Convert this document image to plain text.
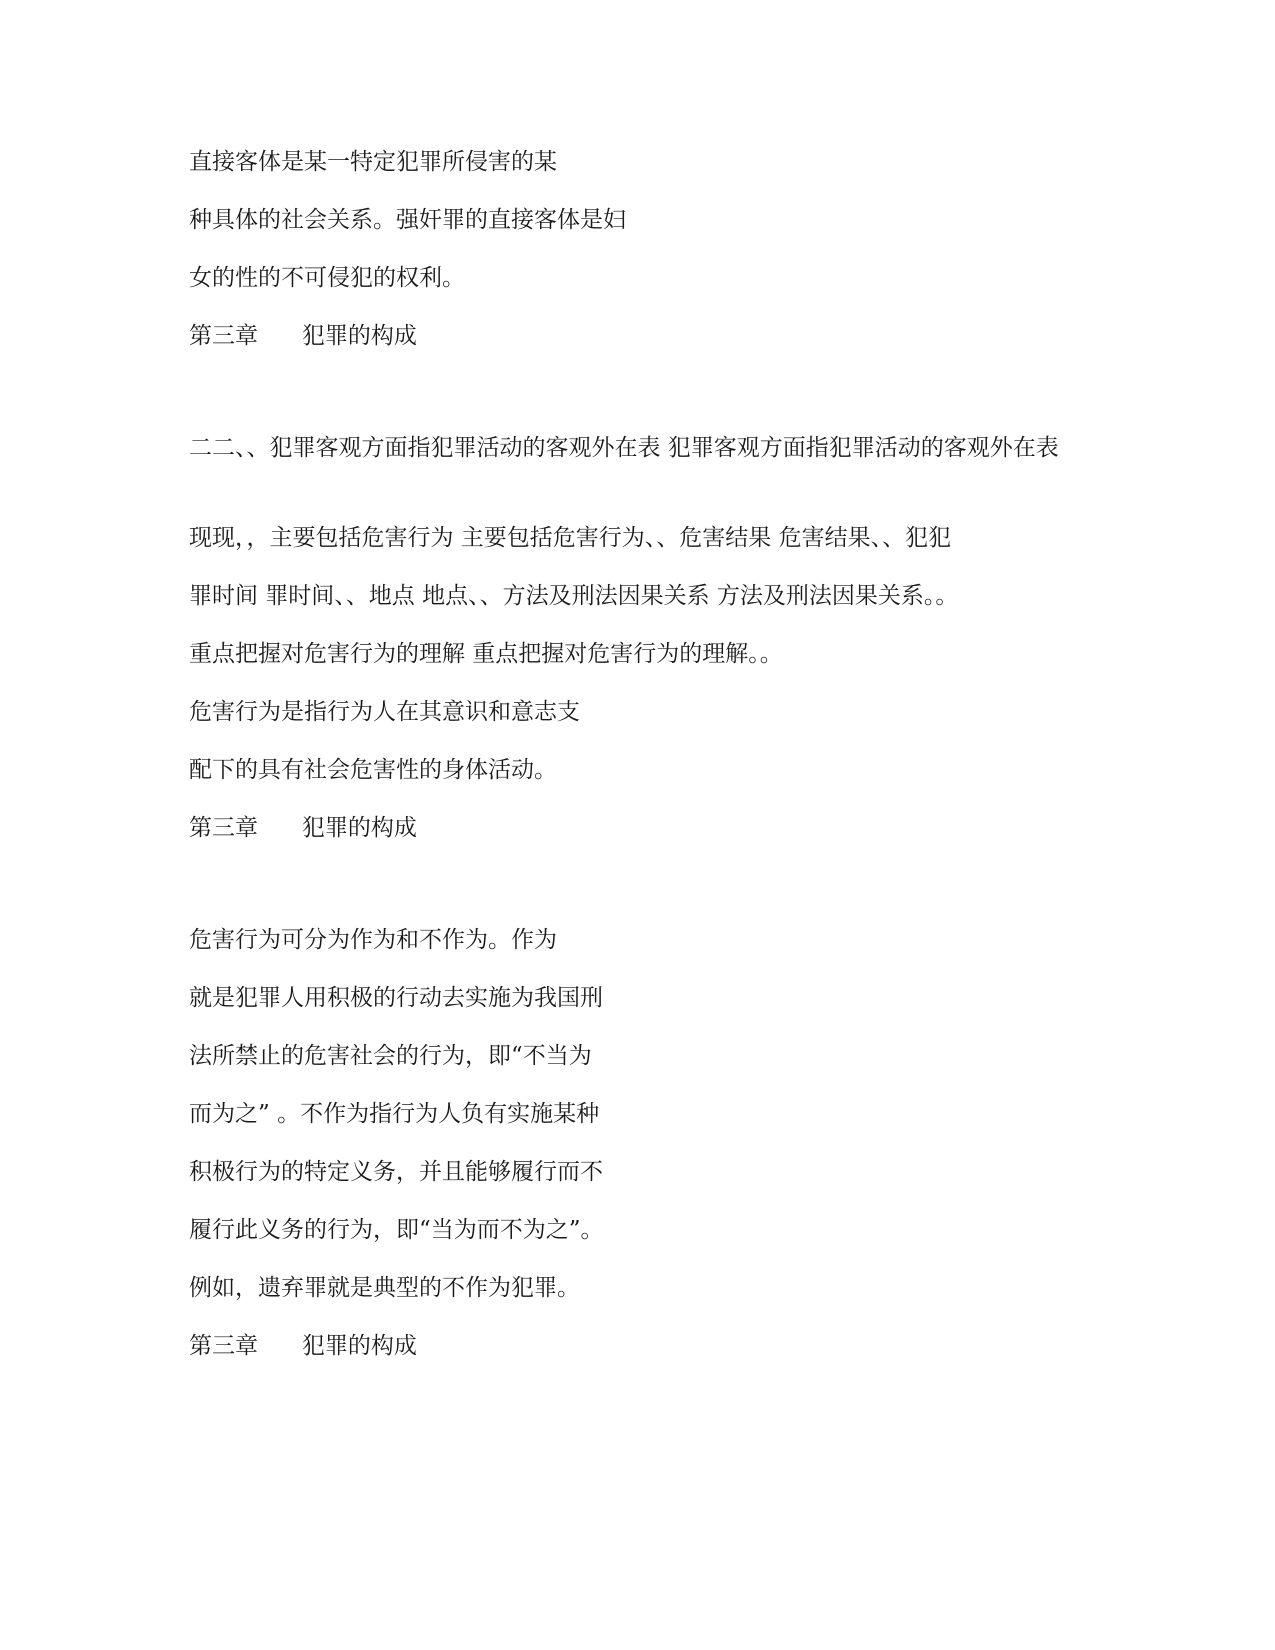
直接客体是某一特定犯罪所侵害的某

种具体的社会关系。强奸罪的直接客体是妇

女的性的不可侵犯的权利。

第三章      犯罪的构成

二二、、犯罪客观方面指犯罪活动的客观外在表 犯罪客观方面指犯罪活动的客观外在表

现现，，主要包括危害行为 主要包括危害行为、、危害结果 危害结果、、犯犯

罪时间 罪时间、、地点 地点、、方法及刑法因果关系 方法及刑法因果关系。。

重点把握对危害行为的理解 重点把握对危害行为的理解。。

危害行为是指行为人在其意识和意志支

配下的具有社会危害性的身体活动。

第三章      犯罪的构成

危害行为可分为作为和不作为。作为

就是犯罪人用积极的行动去实施为我国刑

法所禁止的危害社会的行为，即“不当为

而为之” 。不作为指行为人负有实施某种

积极行为的特定义务，并且能够履行而不

履行此义务的行为，即“当为而不为之”。

例如，遗弃罪就是典型的不作为犯罪。

第三章      犯罪的构成
